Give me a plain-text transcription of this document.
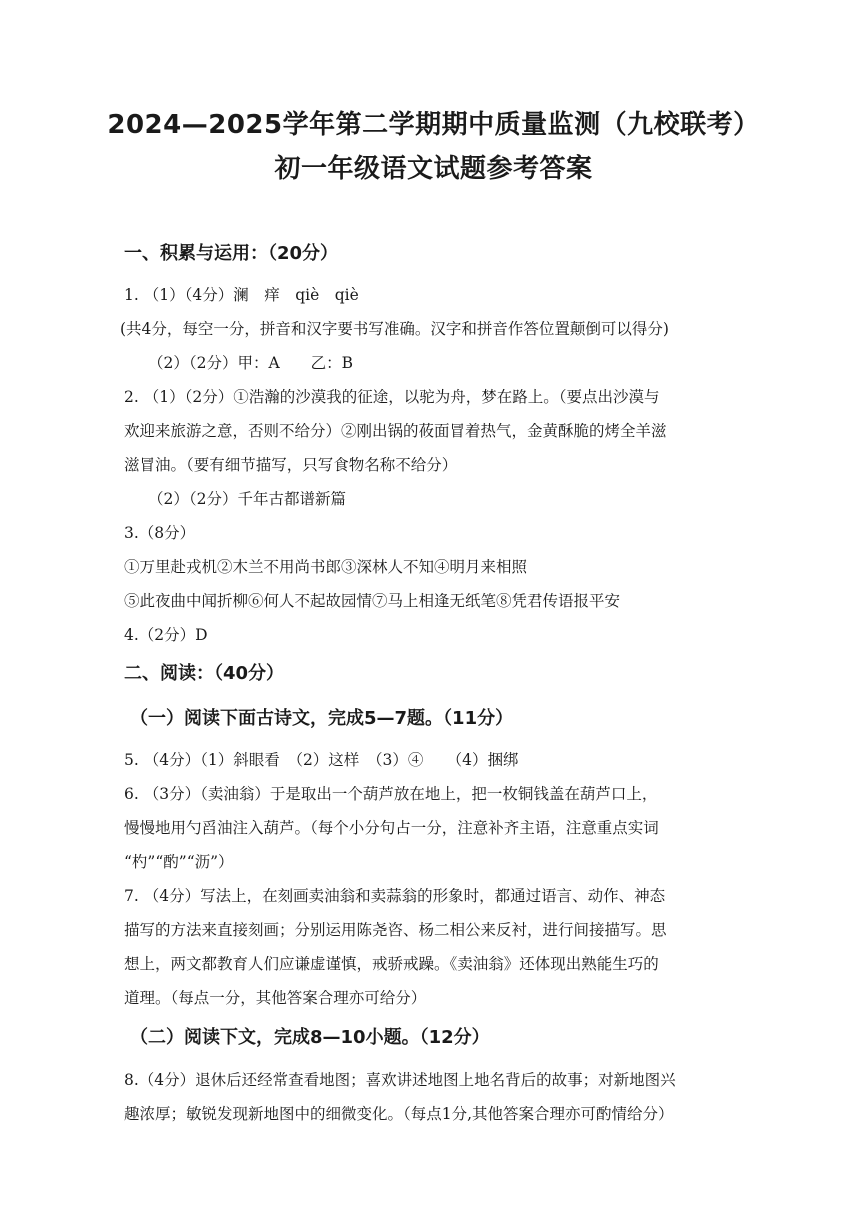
2024—2025学年第二学期期中质量监测（九校联考）
初一年级语文试题参考答案
一、积累与运用：（20分）
1. （1）（4分）澜　痒　qiè　qiè
(共4分，每空一分，拼音和汉字要书写准确。汉字和拼音作答位置颠倒可以得分)
（2）（2分）甲：A　　乙：B
2. （1）（2分）①浩瀚的沙漠我的征途，以驼为舟，梦在路上。（要点出沙漠与
欢迎来旅游之意，否则不给分）②刚出锅的莜面冒着热气，金黄酥脆的烤全羊滋
滋冒油。（要有细节描写，只写食物名称不给分）
（2）（2分）千年古都谱新篇
3.（8分）
①万里赴戎机②木兰不用尚书郎③深林人不知④明月来相照
⑤此夜曲中闻折柳⑥何人不起故园情⑦马上相逢无纸笔⑧凭君传语报平安
4.（2分）D
二、阅读：（40分）
（一）阅读下面古诗文，完成5—7题。（11分）
5. （4分）（1）斜眼看　（2）这样　（3）④　　（4）捆绑
6. （3分）（卖油翁）于是取出一个葫芦放在地上，把一枚铜钱盖在葫芦口上，
慢慢地用勺舀油注入葫芦。（每个小分句占一分，注意补齐主语，注意重点实词
“杓”“酌”“沥”）
7. （4分）写法上，在刻画卖油翁和卖蒜翁的形象时，都通过语言、动作、神态
描写的方法来直接刻画；分别运用陈尧咨、杨二相公来反衬，进行间接描写。思
想上，两文都教育人们应谦虚谨慎，戒骄戒躁。《卖油翁》还体现出熟能生巧的
道理。（每点一分，其他答案合理亦可给分）
（二）阅读下文，完成8—10小题。（12分）
8.（4分）退休后还经常查看地图；喜欢讲述地图上地名背后的故事；对新地图兴
趣浓厚；敏锐发现新地图中的细微变化。（每点1分,其他答案合理亦可酌情给分）
